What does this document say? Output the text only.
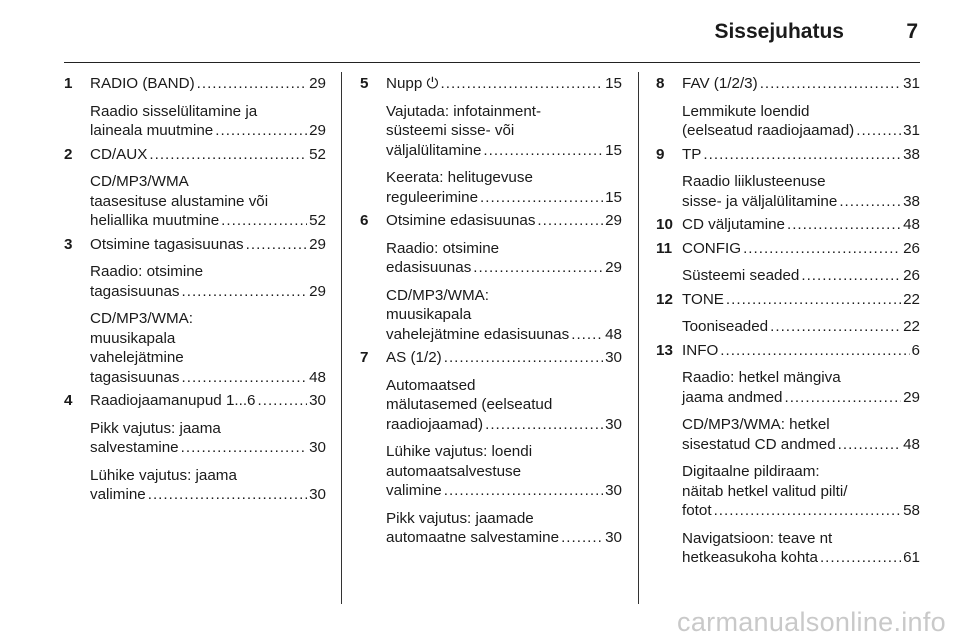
Sissejuhatus	7
1 RADIO (BAND) .....	29
Raadio sisselülitamine ja
laineala muutmine .....	29
2 CD/AUX .....	52
CD/MP3/WMA
taasesituse alustamine või
heliallika muutmine .....	52
3 Otsimine tagasisuunas .....	29
Raadio: otsimine
tagasisuunas .....	29
CD/MP3/WMA:
muusikapala
vahelejätmine
tagasisuunas .....	48
4 Raadiojaamanupud 1...6 .....	30
Pikk vajutus: jaama
salvestamine .....	30
Lühike vajutus: jaama
valimine .....	30
5 Nupp ⏻ .....	15
Vajutada: infotainment-
süsteemi sisse- või
väljalülitamine .....	15
Keerata: helitugevuse
reguleerimine .....	15
6 Otsimine edasisuunas .....	29
Raadio: otsimine
edasisuunas .....	29
CD/MP3/WMA:
muusikapala
vahelejätmine edasisuunas ..... 48
7 AS (1/2) .....	30
Automaatsed
mälutasemed (eelseatud
raadiojaamad) .....	30
Lühike vajutus: loendi
automaatsalvestuse
valimine .....	30
Pikk vajutus: jaamade
automaatne salvestamine .....	30
8 FAV (1/2/3) .....	31
Lemmikute loendid
(eelseatud raadiojaamad) .....	31
9 TP .....	38
Raadio liiklusteenuse
sisse- ja väljalülitamine .....	38
10 CD väljutamine .....	48
11 CONFIG .....	26
Süsteemi seaded .....	26
12 TONE .....	22
Tooniseaded .....	22
13 INFO .....	6
Raadio: hetkel mängiva
jaama andmed .....	29
CD/MP3/WMA: hetkel
sisestatud CD andmed .....	48
Digitaalne pildiraam:
näitab hetkel valitud pilti/
fotot .....	58
Navigatsioon: teave nt
hetkeasukoha kohta .....	61
carmanualsonline.info
